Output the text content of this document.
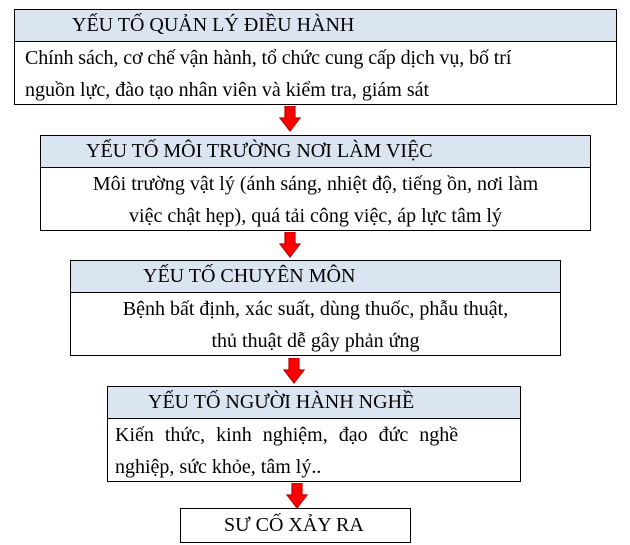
YẾU TỐ QUẢN LÝ ĐIỀU HÀNH
Chính sách, cơ chế vận hành, tổ chức cung cấp dịch vụ, bố trí
nguồn lực, đào tạo nhân viên và kiểm tra, giám sát
YẾU TỐ MÔI TRƯỜNG NƠI LÀM VIỆC
Môi trường vật lý (ánh sáng, nhiệt độ, tiếng ồn, nơi làm
việc chật hẹp), quá tải công việc, áp lực tâm lý
YẾU TỐ CHUYÊN MÔN
Bệnh bất định, xác suất, dùng thuốc, phẫu thuật,
thủ thuật dễ gây phản ứng
YẾU TỐ NGƯỜI HÀNH NGHỀ
Kiến thức, kinh nghiệm, đạo đức nghề
nghiệp, sức khỏe, tâm lý..
SƯ CỐ XẢY RA
